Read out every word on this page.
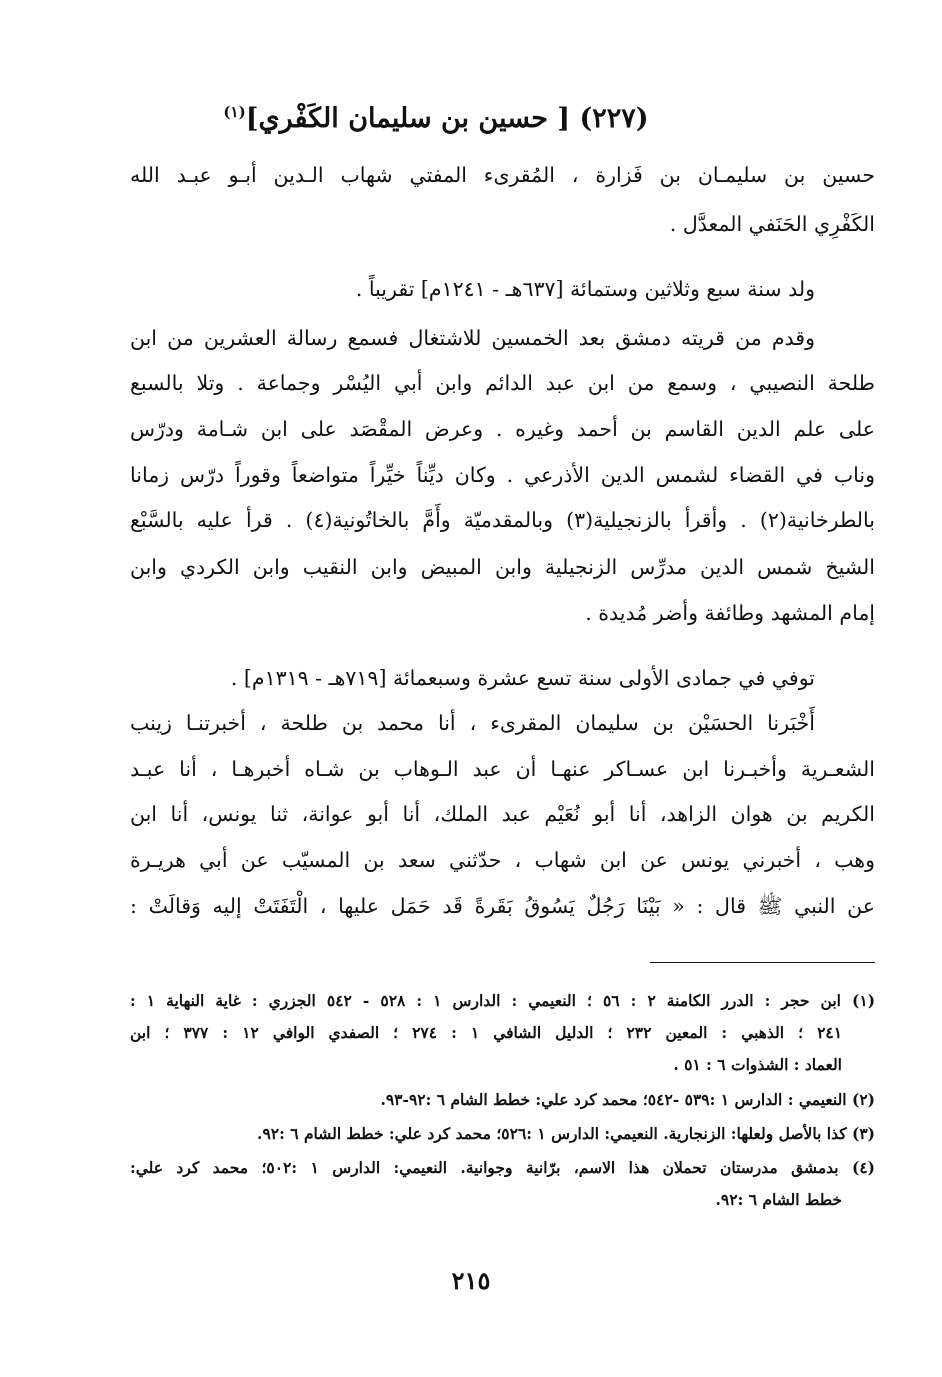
(٢٢٧) [ حسين بن سليمان الكَفْري]$^{(١)}$
حسين بن سليمـان بن فَزارة ، المُقرىء المفتي شهاب الـدين أبـو عبـد الله
الكَفْرِي الحَنَفي المعدَّل .
ولد سنة سبع وثلاثين وستمائة [٦٣٧هـ - ١٢٤١م] تقريباً .
وقدم من قريته دمشق بعد الخمسين للاشتغال فسمع رسالة العشرين من ابن
طلحة النصيبي ، وسمع من ابن عبد الدائم وابن أبي اليُسْر وجماعة . وتلا بالسبع
على علم الدين القاسم بن أحمد وغيره . وعرض المقْصَد على ابن شـامة ودرّس
وناب في القضاء لشمس الدين الأذرعي . وكان ديِّناً خيِّراً متواضعاً وقوراً درّس زمانا
بالطرخانية(٢) . وأقرأ بالزنجيلية(٣) وبالمقدميّة وأَمَّ بالخاتُونية(٤) . قرأ عليه بالسَّبْع
الشيخ شمس الدين مدرِّس الزنجيلية وابن المبيض وابن النقيب وابن الكردي وابن
إمام المشهد وطائفة وأضر مُديدة .
توفي في جمادى الأولى سنة تسع عشرة وسبعمائة [٧١٩هـ - ١٣١٩م] .
أَخْبَرنا الحسَيْن بن سليمان المقرىء ، أنا محمد بن طلحة ، أخبرتنـا زينب
الشعـرية وأخبـرنا ابن عسـاكر عنهـا أن عبد الـوهاب بن شـاه أخبرهـا ، أنا عبـد
الكريم بن هوان الزاهد، أنا أبو نُعَيْم عبد الملك، أنا أبو عوانة، ثنا يونس، أنا ابن
وهب ، أخبرني يونس عن ابن شهاب ، حدّثني سعد بن المسيّب عن أبي هريـرة
عن النبي ﷺ قال : « بَيْنَا رَجُلٌ يَسُوقُ بَقَرةً قَد حَمَل عليها ، الْتَفَتَتْ إليه وَقالَتْ :
(١) ابن حجر : الدرر الكامنة ٢ : ٥٦ ؛ النعيمي : الدارس ١ : ٥٢٨ - ٥٤٢ الجزري : غاية النهاية ١ :
٢٤١ ؛ الذهبي : المعين ٢٣٢ ؛ الدليل الشافي ١ : ٢٧٤ ؛ الصفدي الوافي ١٢ : ٣٧٧ ؛ ابن
العماد : الشذوات ٦ : ٥١ .
(٢) النعيمي : الدارس ١ :٥٣٩ -٥٤٢؛ محمد كرد علي: خطط الشام ٦ :٩٢-٩٣.
(٣) كذا بالأصل ولعلها: الزنجارية. النعيمي: الدارس ١ :٥٢٦؛ محمد كرد علي: خطط الشام ٦ :٩٢.
(٤) بدمشق مدرستان تحملان هذا الاسم، برّانية وجوانية. النعيمي: الدارس ١ :٥٠٢؛ محمد كرد علي:
خطط الشام ٦ :٩٢.
٢١٥
